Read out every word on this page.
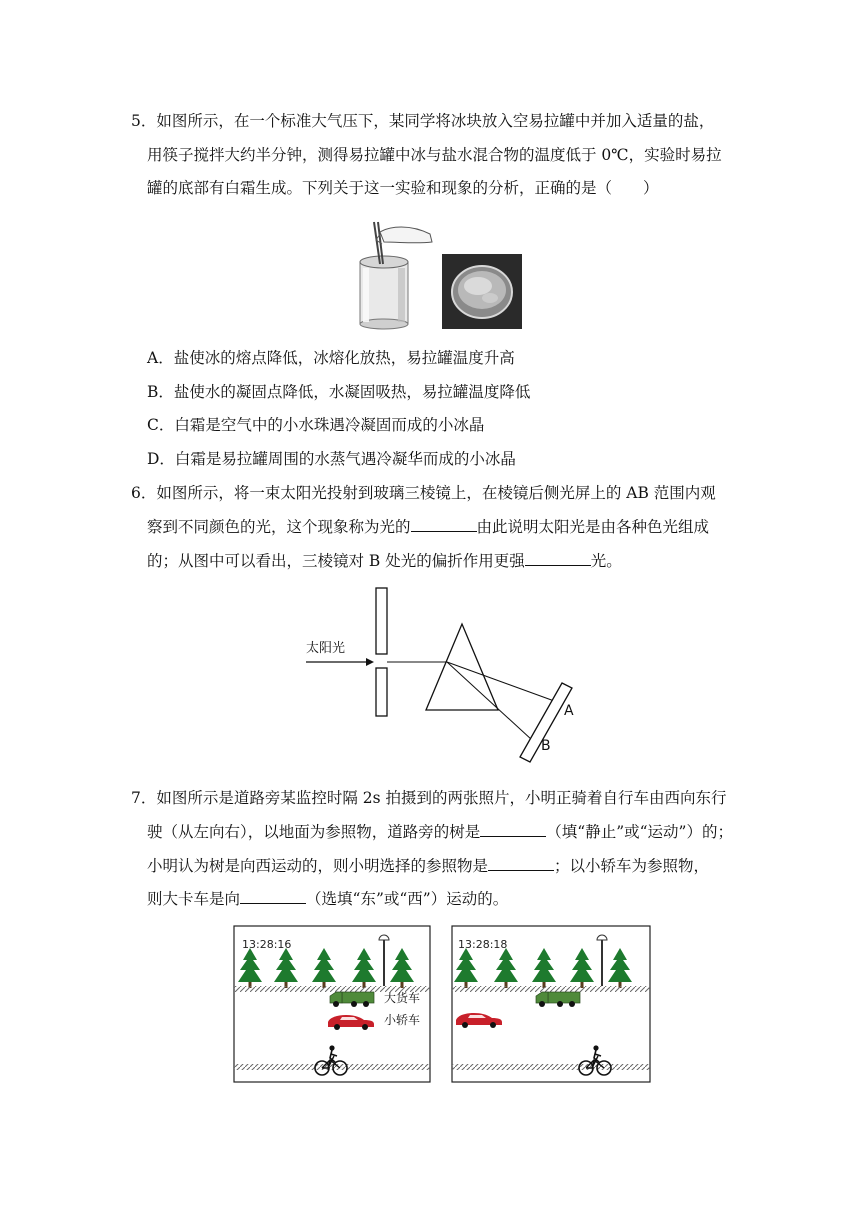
5．如图所示，在一个标准大气压下，某同学将冰块放入空易拉罐中并加入适量的盐，
用筷子搅拌大约半分钟，测得易拉罐中冰与盐水混合物的温度低于 0℃，实验时易拉
罐的底部有白霜生成。下列关于这一实验和现象的分析，正确的是（　　）
A．盐使冰的熔点降低，冰熔化放热，易拉罐温度升高
B．盐使水的凝固点降低，水凝固吸热，易拉罐温度降低
C．白霜是空气中的小水珠遇冷凝固而成的小冰晶
D．白霜是易拉罐周围的水蒸气遇冷凝华而成的小冰晶
6．如图所示，将一束太阳光投射到玻璃三棱镜上，在棱镜后侧光屏上的 AB 范围内观
察到不同颜色的光，这个现象称为光的	由此说明太阳光是由各种色光组成
的；从图中可以看出，三棱镜对 B 处光的偏折作用更强	光。
太阳光
A
B
7．如图所示是道路旁某监控时隔 2s 拍摄到的两张照片，小明正骑着自行车由西向东行
驶（从左向右），以地面为参照物，道路旁的树是	（填“静止”或“运动”）的；
小明认为树是向西运动的，则小明选择的参照物是	；以小轿车为参照物，
则大卡车是向	（选填“东”或“西”）运动的。
13:28:16
大货车
小轿车
13:28:18
